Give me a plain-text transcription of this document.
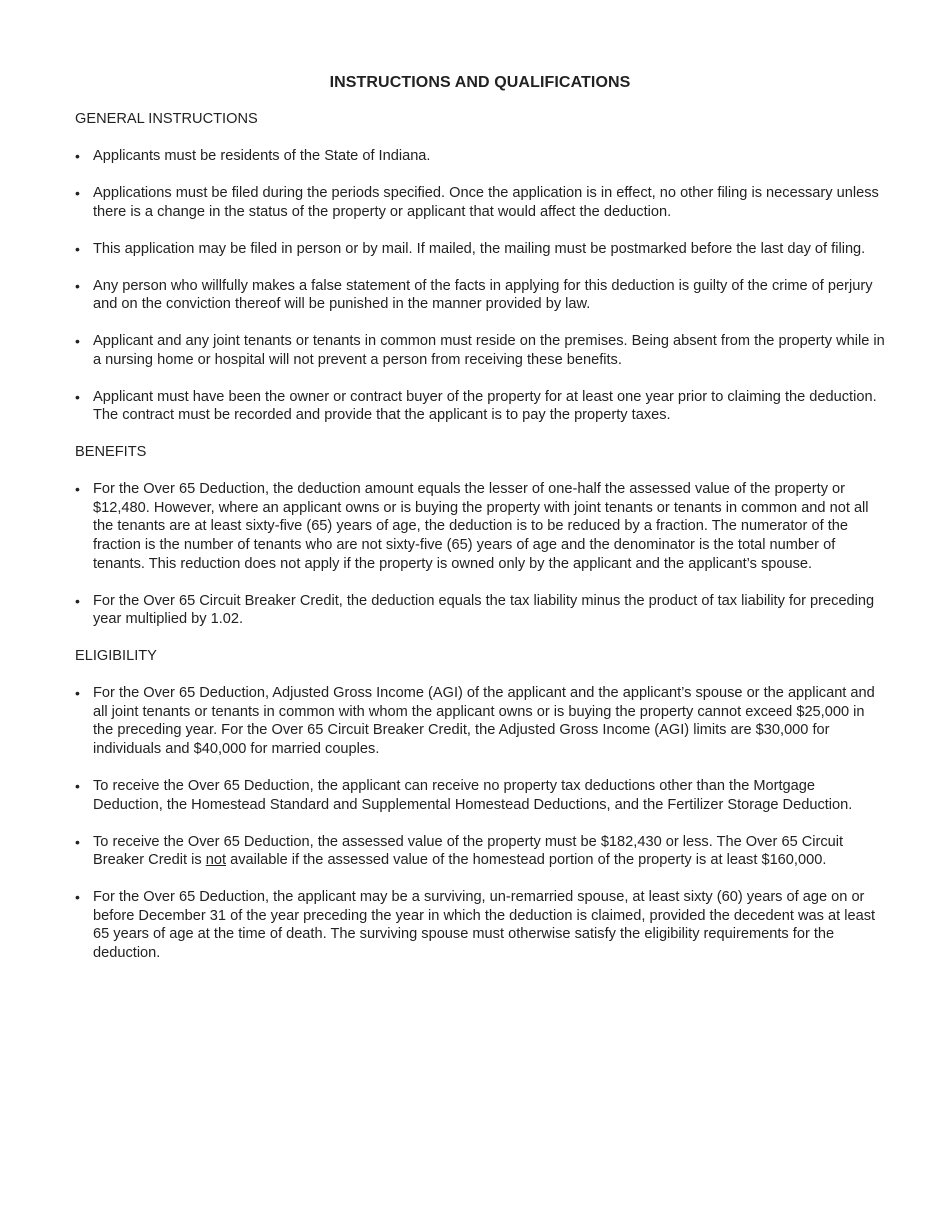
INSTRUCTIONS AND QUALIFICATIONS
GENERAL INSTRUCTIONS
• Applicants must be residents of the State of Indiana.
• Applications must be filed during the periods specified. Once the application is in effect, no other filing is necessary unless there is a change in the status of the property or applicant that would affect the deduction.
• This application may be filed in person or by mail. If mailed, the mailing must be postmarked before the last day of filing.
• Any person who willfully makes a false statement of the facts in applying for this deduction is guilty of the crime of perjury and on the conviction thereof will be punished in the manner provided by law.
• Applicant and any joint tenants or tenants in common must reside on the premises. Being absent from the property while in a nursing home or hospital will not prevent a person from receiving these benefits.
• Applicant must have been the owner or contract buyer of the property for at least one year prior to claiming the deduction. The contract must be recorded and provide that the applicant is to pay the property taxes.
BENEFITS
• For the Over 65 Deduction, the deduction amount equals the lesser of one-half the assessed value of the property or $12,480. However, where an applicant owns or is buying the property with joint tenants or tenants in common and not all the tenants are at least sixty-five (65) years of age, the deduction is to be reduced by a fraction. The numerator of the fraction is the number of tenants who are not sixty-five (65) years of age and the denominator is the total number of tenants. This reduction does not apply if the property is owned only by the applicant and the applicant’s spouse.
• For the Over 65 Circuit Breaker Credit, the deduction equals the tax liability minus the product of tax liability for preceding year multiplied by 1.02.
ELIGIBILITY
• For the Over 65 Deduction, Adjusted Gross Income (AGI) of the applicant and the applicant’s spouse or the applicant and all joint tenants or tenants in common with whom the applicant owns or is buying the property cannot exceed $25,000 in the preceding year. For the Over 65 Circuit Breaker Credit, the Adjusted Gross Income (AGI) limits are $30,000 for individuals and $40,000 for married couples.
• To receive the Over 65 Deduction, the applicant can receive no property tax deductions other than the Mortgage Deduction, the Homestead Standard and Supplemental Homestead Deductions, and the Fertilizer Storage Deduction.
• To receive the Over 65 Deduction, the assessed value of the property must be $182,430 or less. The Over 65 Circuit Breaker Credit is not available if the assessed value of the homestead portion of the property is at least $160,000.
• For the Over 65 Deduction, the applicant may be a surviving, un-remarried spouse, at least sixty (60) years of age on or before December 31 of the year preceding the year in which the deduction is claimed, provided the decedent was at least 65 years of age at the time of death. The surviving spouse must otherwise satisfy the eligibility requirements for the deduction.
